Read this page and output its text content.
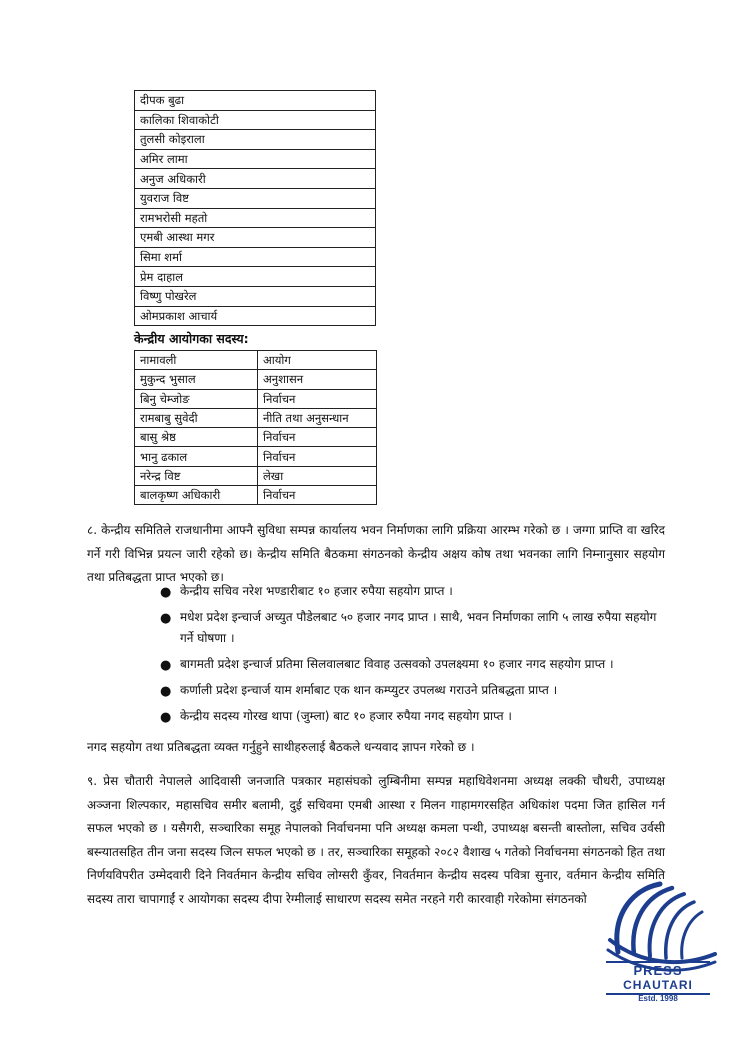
दीपक बुढा
कालिका शिवाकोटी
तुलसी कोइराला
अमिर लामा
अनुज अधिकारी
युवराज विष्ट
रामभरोसी महतो
एमबी आस्था मगर
सिमा शर्मा
प्रेम दाहाल
विष्णु पोखरेल
ओमप्रकाश आचार्य
केन्द्रीय आयोगका सदस्य:
नामावली	आयोग
मुकुन्द भुसाल	अनुशासन
बिनु चेम्जोङ	निर्वाचन
रामबाबु सुवेदी	नीति तथा अनुसन्धान
बासु श्रेष्ठ	निर्वाचन
भानु ढकाल	निर्वाचन
नरेन्द्र विष्ट	लेखा
बालकृष्ण अधिकारी	निर्वाचन
८. केन्द्रीय समितिले राजधानीमा आफ्नै सुविधा सम्पन्न कार्यालय भवन निर्माणका लागि प्रक्रिया आरम्भ गरेको छ । जग्गा प्राप्ति वा खरिद गर्ने गरी विभिन्न प्रयत्न जारी रहेको छ। केन्द्रीय समिति बैठकमा संगठनको केन्द्रीय अक्षय कोष तथा भवनका लागि निम्नानुसार सहयोग तथा प्रतिबद्धता प्राप्त भएको छ।
● केन्द्रीय सचिव नरेश भण्डारीबाट १० हजार रुपैया सहयोग प्राप्त ।
● मधेश प्रदेश इन्चार्ज अच्युत पौडेलबाट ५० हजार नगद प्राप्त । साथै, भवन निर्माणका लागि ५ लाख रुपैया सहयोग गर्ने घोषणा ।
● बागमती प्रदेश इन्चार्ज प्रतिमा सिलवालबाट विवाह उत्सवको उपलक्ष्यमा १० हजार नगद सहयोग प्राप्त ।
● कर्णाली प्रदेश इन्चार्ज याम शर्माबाट एक थान कम्प्युटर उपलब्ध गराउने प्रतिबद्धता प्राप्त ।
● केन्द्रीय सदस्य गोरख थापा (जुम्ला) बाट १० हजार रुपैया नगद सहयोग प्राप्त ।
नगद सहयोग तथा प्रतिबद्धता व्यक्त गर्नुहुने साथीहरुलाई बैठकले धन्यवाद ज्ञापन गरेको छ ।
९. प्रेस चौतारी नेपालले आदिवासी जनजाति पत्रकार महासंघको लुम्बिनीमा सम्पन्न महाधिवेशनमा अध्यक्ष लक्की चौधरी, उपाध्यक्ष अञ्जना शिल्पकार, महासचिव समीर बलामी, दुई सचिवमा एमबी आस्था र मिलन गाहामगरसहित अधिकांश पदमा जित हासिल गर्न सफल भएको छ । यसैगरी, सञ्चारिका समूह नेपालको निर्वाचनमा पनि अध्यक्ष कमला पन्थी, उपाध्यक्ष बसन्ती बास्तोला, सचिव उर्वसी बस्न्यातसहित तीन जना सदस्य जित्न सफल भएको छ । तर, सञ्चारिका समूहको २०८२ वैशाख ५ गतेको निर्वाचनमा संगठनको हित तथा निर्णयविपरीत उम्मेदवारी दिने निवर्तमान केन्द्रीय सचिव लोग्सरी कुँवर, निवर्तमान केन्द्रीय सदस्य पवित्रा सुनार, वर्तमान केन्द्रीय समिति सदस्य तारा चापागाईं र आयोगका सदस्य दीपा रेग्मीलाई साधारण सदस्य समेत नरहने गरी कारवाही गरेकोमा संगठनको
PRESS
CHAUTARI
Estd. 1998
